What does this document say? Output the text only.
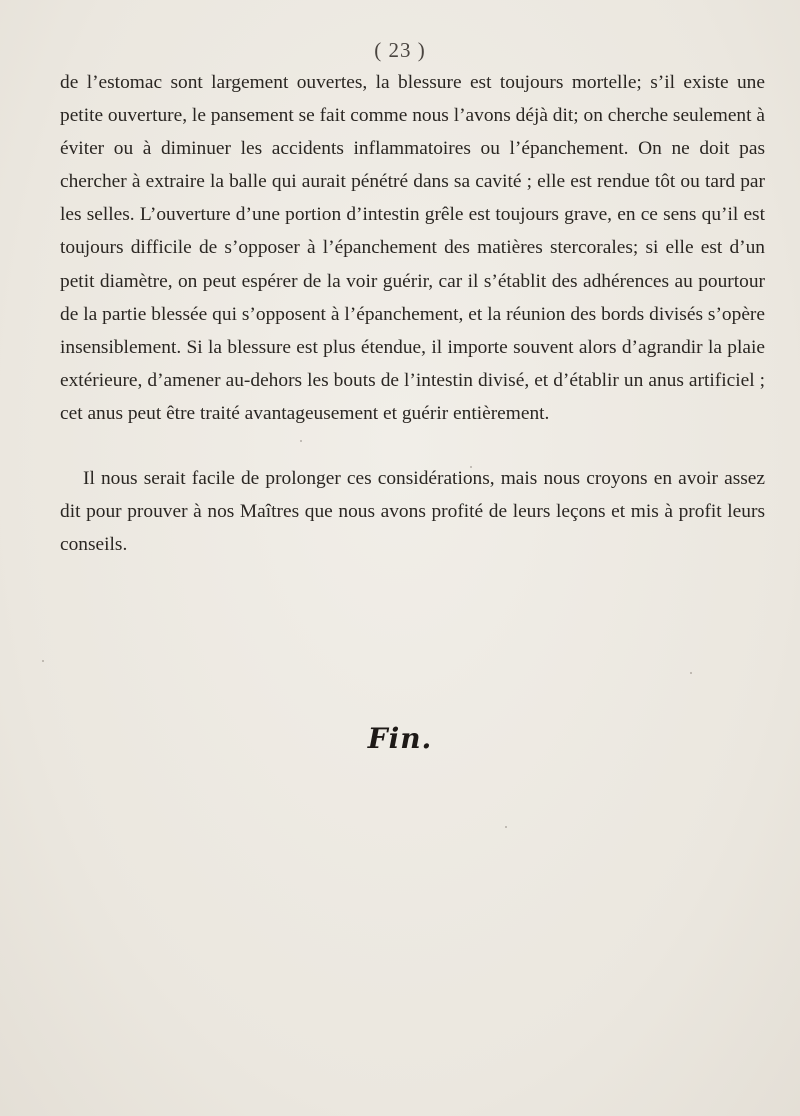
( 23 )

de l’estomac sont largement ouvertes, la blessure est toujours mortelle; s’il existe une petite ouverture, le pansement se fait comme nous l’avons déjà dit; on cherche seulement à éviter ou à diminuer les accidents inflammatoires ou l’épanchement. On ne doit pas chercher à extraire la balle qui aurait pénétré dans sa cavité ; elle est rendue tôt ou tard par les selles. L’ouverture d’une portion d’intestin grêle est toujours grave, en ce sens qu’il est toujours difficile de s’opposer à l’épanchement des matières stercorales; si elle est d’un petit diamètre, on peut espérer de la voir guérir, car il s’établit des adhérences au pourtour de la partie blessée qui s’opposent à l’épanchement, et la réunion des bords divisés s’opère insensiblement. Si la blessure est plus étendue, il importe souvent alors d’agrandir la plaie extérieure, d’amener au-dehors les bouts de l’intestin divisé, et d’établir un anus artificiel ; cet anus peut être traité avantageusement et guérir entièrement.

Il nous serait facile de prolonger ces considérations, mais nous croyons en avoir assez dit pour prouver à nos Maîtres que nous avons profité de leurs leçons et mis à profit leurs conseils.

Fin.
